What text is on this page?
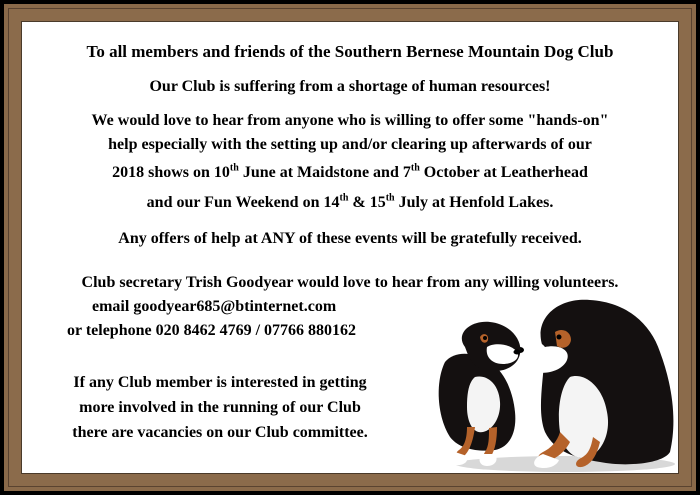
To all members and friends of the Southern Bernese Mountain Dog Club
Our Club is suffering from a shortage of human resources!
We would love to hear from anyone who is willing to offer some "hands-on"
help especially with the setting up and/or clearing up afterwards of our
2018 shows on 10th June at Maidstone and 7th October at Leatherhead
and our Fun Weekend on 14th & 15th July at Henfold Lakes.
Any offers of help at ANY of these events will be gratefully received.
Club secretary Trish Goodyear would love to hear from any willing volunteers.
email goodyear685@btinternet.com
or telephone 020 8462 4769 / 07766 880162
If any Club member is interested in getting
more involved in the running of our Club
there are vacancies on our Club committee.
